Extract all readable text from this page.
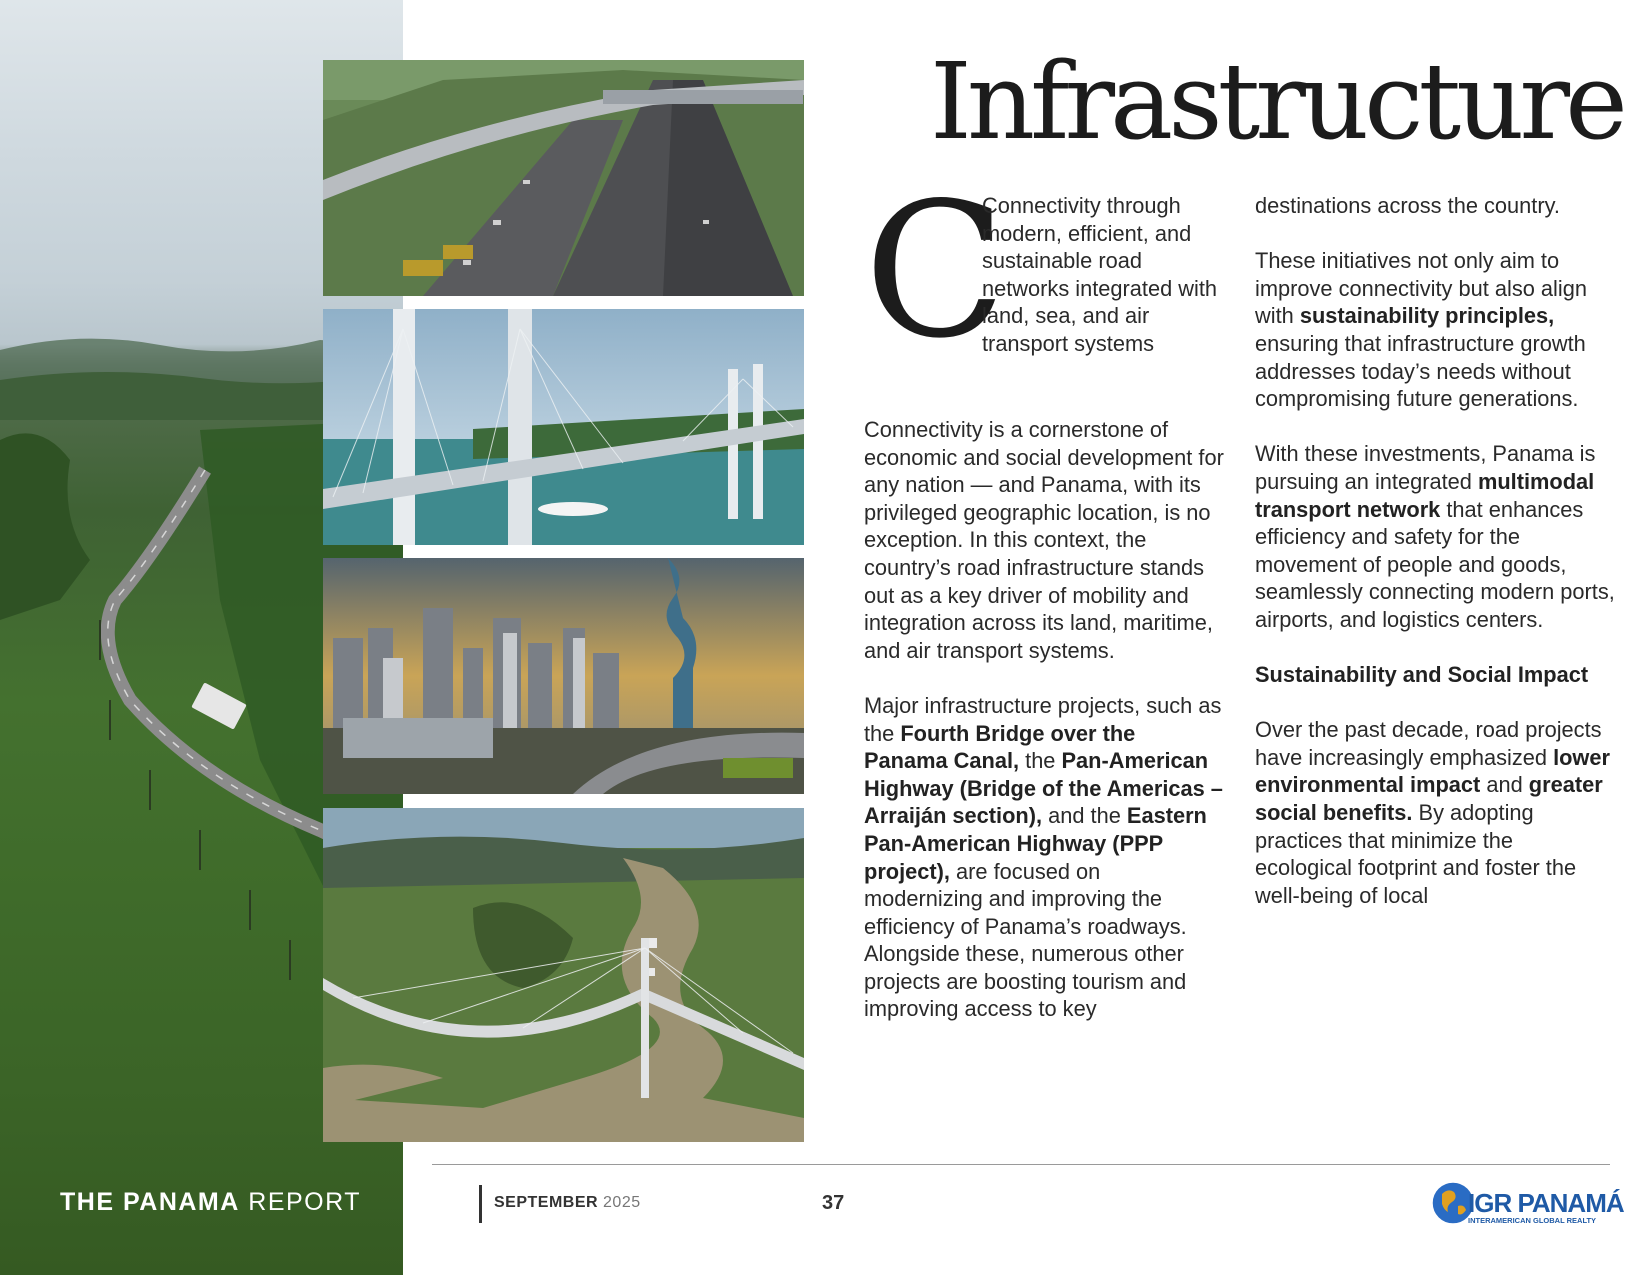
Infrastructure
C

Connectivity through modern, efficient, and sustainable road networks integrated with land, sea, and air transport systems

Connectivity is a cornerstone of economic and social development for any nation — and Panama, with its privileged geographic location, is no exception. In this context, the country’s road infrastructure stands out as a key driver of mobility and integration across its land, maritime, and air transport systems.

Major infrastructure projects, such as the Fourth Bridge over the Panama Canal, the Pan-American Highway (Bridge of the Americas – Arraiján section), and the Eastern Pan-American Highway (PPP project), are focused on modernizing and improving the efficiency of Panama’s roadways. Alongside these, numerous other projects are boosting tourism and improving access to key

destinations across the country.

These initiatives not only aim to improve connectivity but also align with sustainability principles, ensuring that infrastructure growth addresses today’s needs without compromising future generations.

With these investments, Panama is pursuing an integrated multimodal transport network that enhances efficiency and safety for the movement of people and goods, seamlessly connecting modern ports, airports, and logistics centers.

Sustainability and Social Impact

Over the past decade, road projects have increasingly emphasized lower environmental impact and greater social benefits. By adopting practices that minimize the ecological footprint and foster the well-being of local

THE PANAMA REPORT	SEPTEMBER 2025	37	IGR PANAMÁ
INTERAMERICAN GLOBAL REALTY
